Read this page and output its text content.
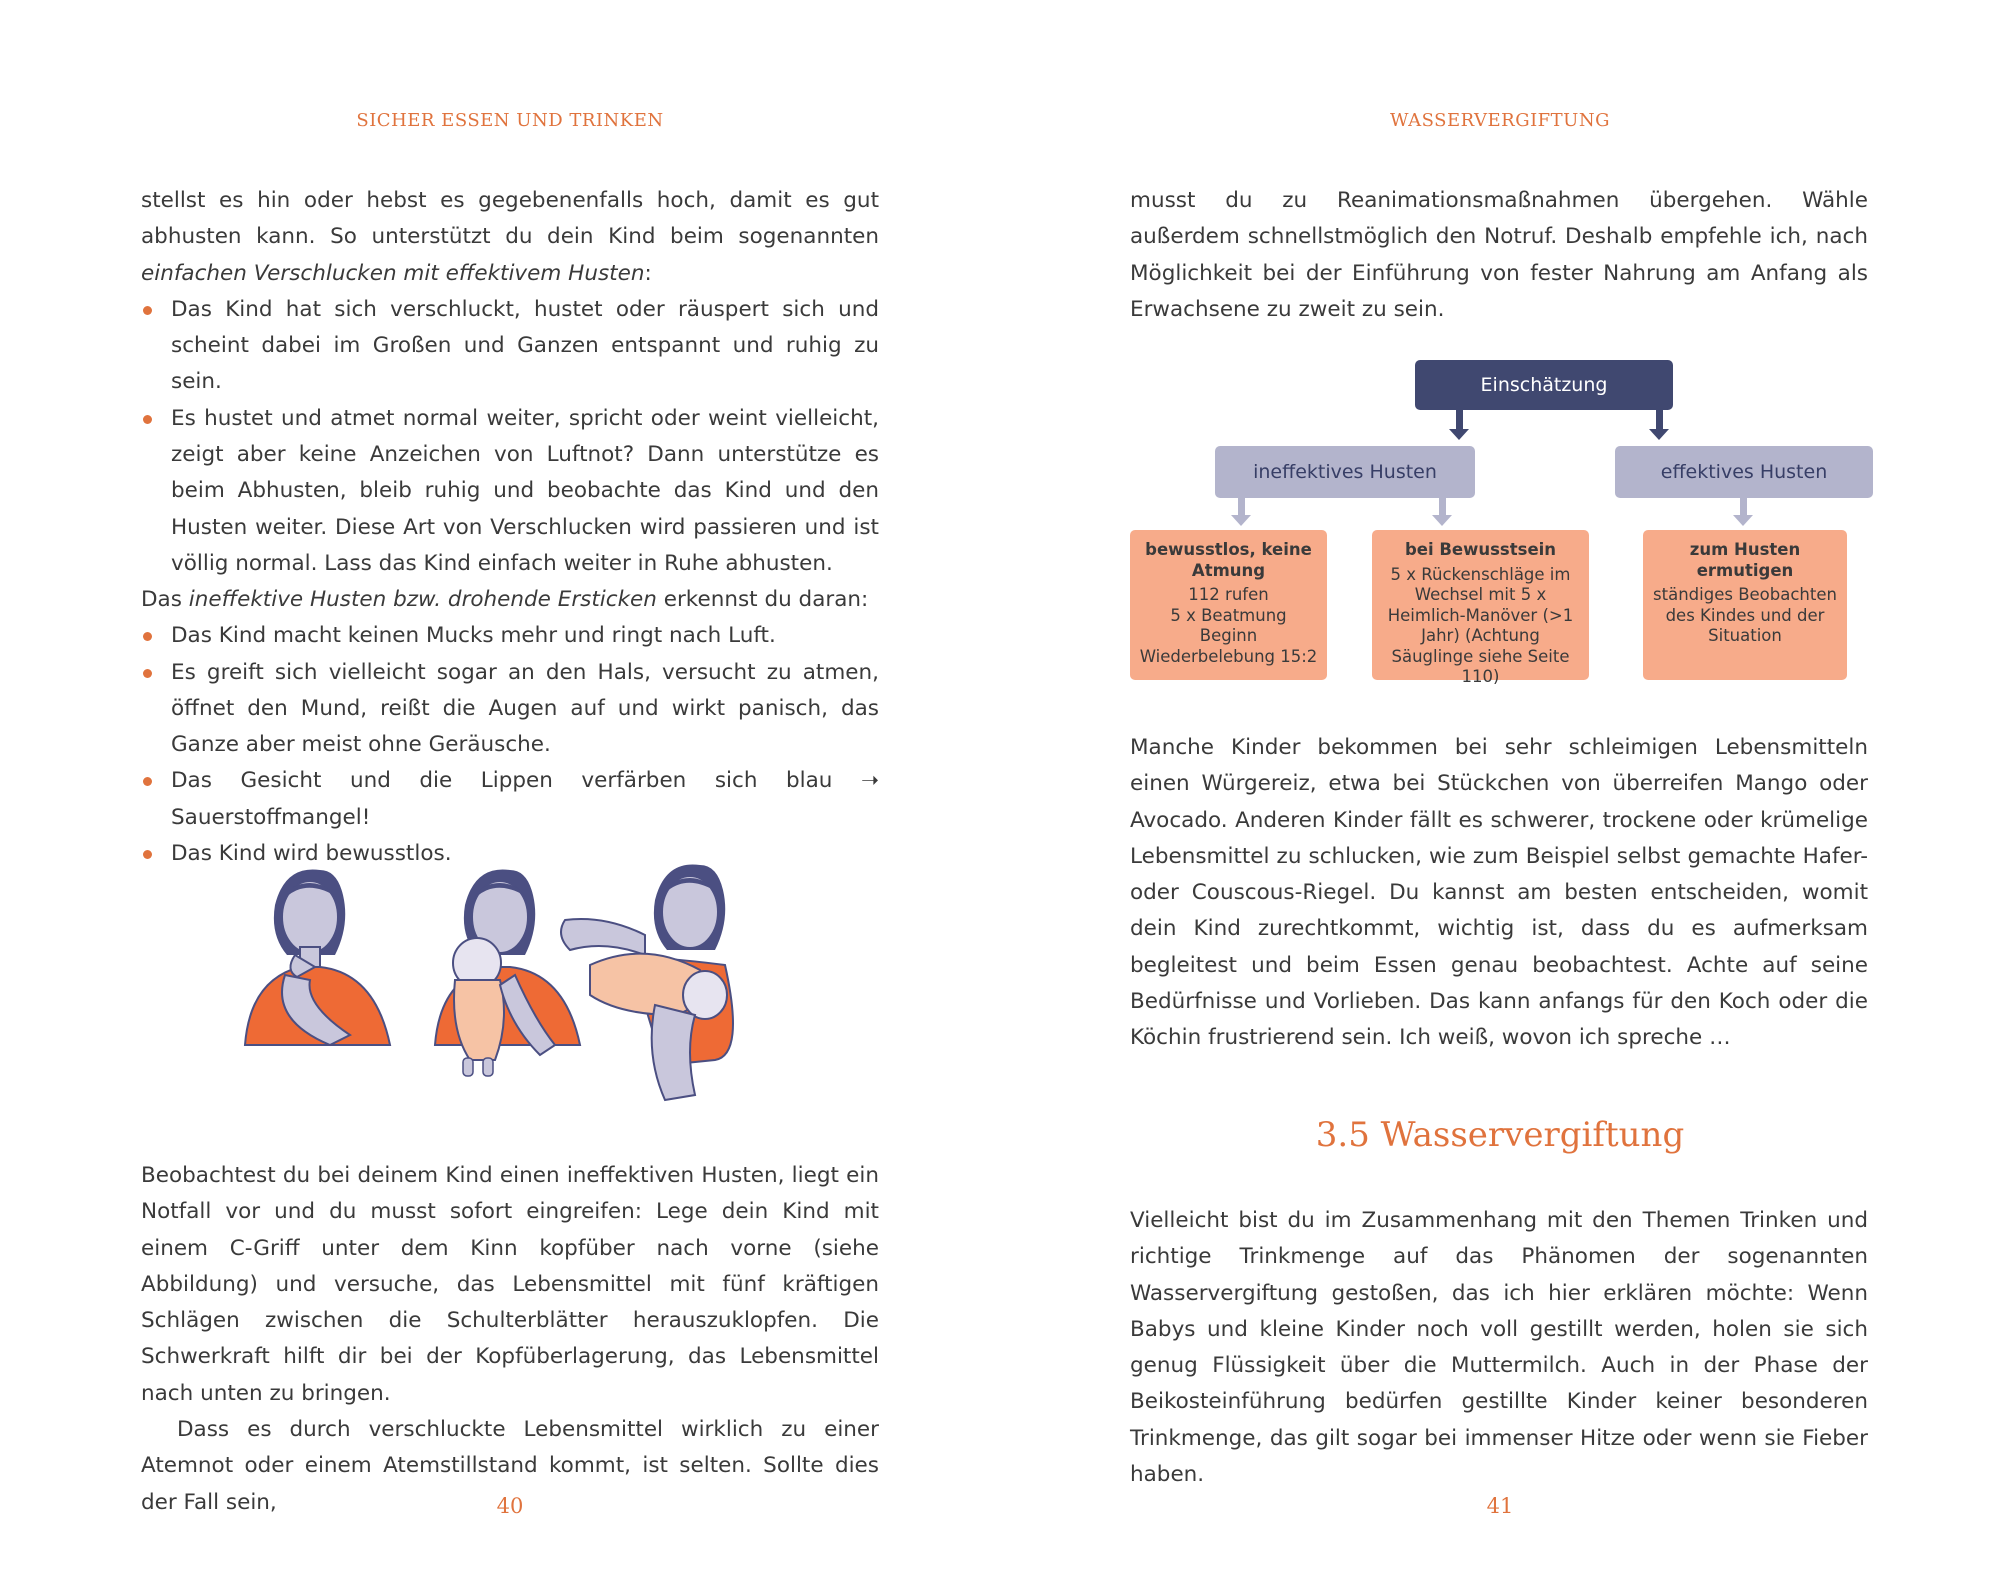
SICHER ESSEN UND TRINKEN

stellst es hin oder hebst es gegebenenfalls hoch, damit es gut abhusten kann. So unterstützt du dein Kind beim sogenannten einfachen Verschlucken mit effektivem Husten:

Das Kind hat sich verschluckt, hustet oder räuspert sich und scheint dabei im Großen und Ganzen entspannt und ruhig zu sein.
Es hustet und atmet normal weiter, spricht oder weint vielleicht, zeigt aber keine Anzeichen von Luftnot? Dann unterstütze es beim Abhusten, bleib ruhig und beobachte das Kind und den Husten weiter. Diese Art von Verschlucken wird passieren und ist völlig normal. Lass das Kind einfach weiter in Ruhe abhusten.

Das ineffektive Husten bzw. drohende Ersticken erkennst du daran:

Das Kind macht keinen Mucks mehr und ringt nach Luft.
Es greift sich vielleicht sogar an den Hals, versucht zu atmen, öffnet den Mund, reißt die Augen auf und wirkt panisch, das Ganze aber meist ohne Geräusche.
Das Gesicht und die Lippen verfärben sich blau ➝ Sauerstoffmangel!
Das Kind wird bewusstlos.

Beobachtest du bei deinem Kind einen ineffektiven Husten, liegt ein Notfall vor und du musst sofort eingreifen: Lege dein Kind mit einem C-Griff unter dem Kinn kopfüber nach vorne (siehe Abbildung) und versuche, das Lebensmittel mit fünf kräftigen Schlägen zwischen die Schulterblätter herauszuklopfen. Die Schwerkraft hilft dir bei der Kopfüberlagerung, das Lebensmittel nach unten zu bringen.

Dass es durch verschluckte Lebensmittel wirklich zu einer Atemnot oder einem Atemstillstand kommt, ist selten. Sollte dies der Fall sein,	40
WASSERVERGIFTUNG

musst du zu Reanimationsmaßnahmen übergehen. Wähle außerdem schnellstmöglich den Notruf. Deshalb empfehle ich, nach Möglichkeit bei der Einführung von fester Nahrung am Anfang als Erwachsene zu zweit zu sein.

Einschätzung
ineffektives Husten	effektives Husten
bewusstlos, keine Atmung
112 rufen
5 x Beatmung
Beginn Wiederbelebung 15:2
bei Bewusstsein
5 x Rückenschläge im Wechsel mit 5 x Heimlich-Manöver (>1 Jahr) (Achtung Säuglinge siehe Seite 110)
zum Husten ermutigen
ständiges Beobachten des Kindes und der Situation

Manche Kinder bekommen bei sehr schleimigen Lebensmitteln einen Würgereiz, etwa bei Stückchen von überreifen Mango oder Avocado. Anderen Kinder fällt es schwerer, trockene oder krümelige Lebensmittel zu schlucken, wie zum Beispiel selbst gemachte Hafer- oder Couscous-Riegel. Du kannst am besten entscheiden, womit dein Kind zurechtkommt, wichtig ist, dass du es aufmerksam begleitest und beim Essen genau beobachtest. Achte auf seine Bedürfnisse und Vorlieben. Das kann anfangs für den Koch oder die Köchin frustrierend sein. Ich weiß, wovon ich spreche …

3.5 Wasservergiftung

Vielleicht bist du im Zusammenhang mit den Themen Trinken und richtige Trinkmenge auf das Phänomen der sogenannten Wasservergiftung gestoßen, das ich hier erklären möchte: Wenn Babys und kleine Kinder noch voll gestillt werden, holen sie sich genug Flüssigkeit über die Muttermilch. Auch in der Phase der Beikosteinführung bedürfen gestillte Kinder keiner besonderen Trinkmenge, das gilt sogar bei immenser Hitze oder wenn sie Fieber haben.

41
